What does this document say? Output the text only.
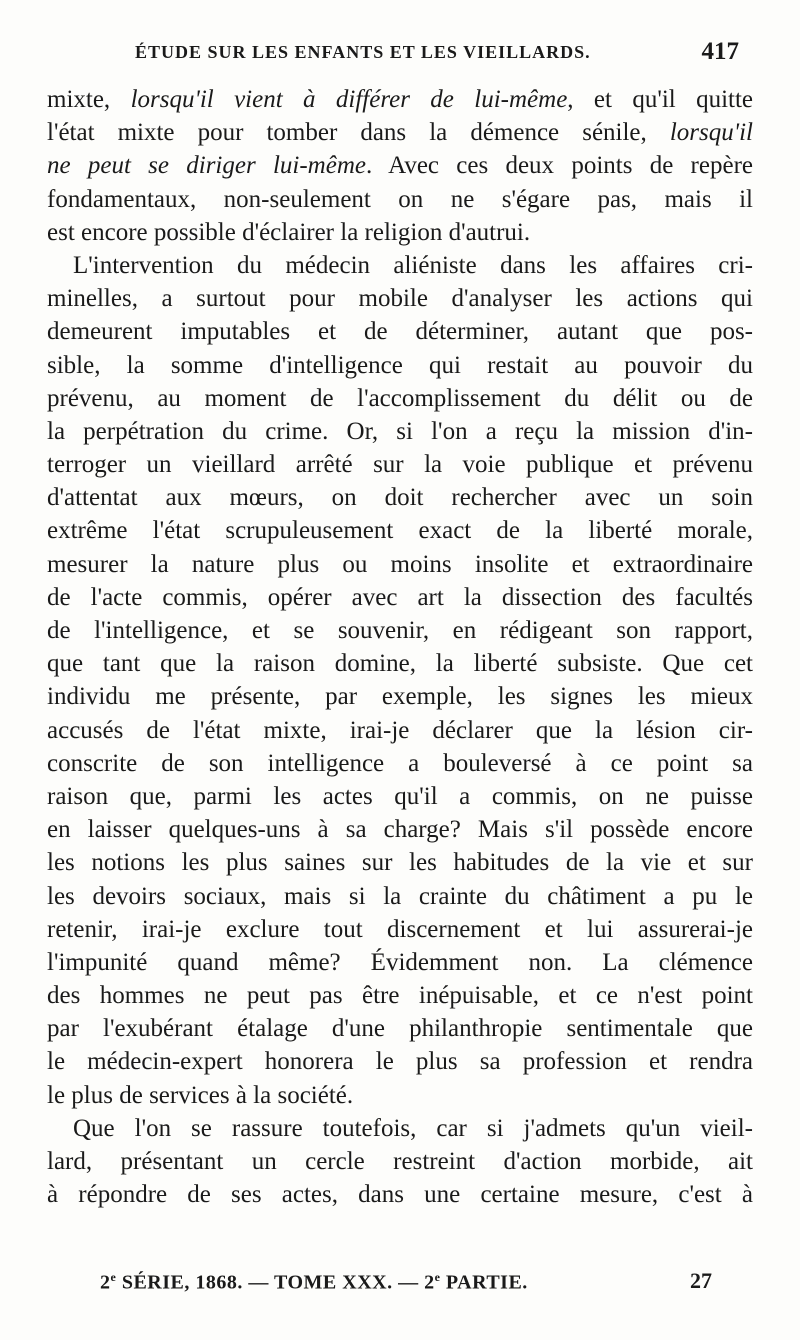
ÉTUDE SUR LES ENFANTS ET LES VIEILLARDS.	417
mixte, lorsqu'il vient à différer de lui-même, et qu'il quitte
l'état mixte pour tomber dans la démence sénile, lorsqu'il
ne peut se diriger lui-même. Avec ces deux points de repère
fondamentaux, non-seulement on ne s'égare pas, mais il
est encore possible d'éclairer la religion d'autrui.
L'intervention du médecin aliéniste dans les affaires cri-
minelles, a surtout pour mobile d'analyser les actions qui
demeurent imputables et de déterminer, autant que pos-
sible, la somme d'intelligence qui restait au pouvoir du
prévenu, au moment de l'accomplissement du délit ou de
la perpétration du crime. Or, si l'on a reçu la mission d'in-
terroger un vieillard arrêté sur la voie publique et prévenu
d'attentat aux mœurs, on doit rechercher avec un soin
extrême l'état scrupuleusement exact de la liberté morale,
mesurer la nature plus ou moins insolite et extraordinaire
de l'acte commis, opérer avec art la dissection des facultés
de l'intelligence, et se souvenir, en rédigeant son rapport,
que tant que la raison domine, la liberté subsiste. Que cet
individu me présente, par exemple, les signes les mieux
accusés de l'état mixte, irai-je déclarer que la lésion cir-
conscrite de son intelligence a bouleversé à ce point sa
raison que, parmi les actes qu'il a commis, on ne puisse
en laisser quelques-uns à sa charge? Mais s'il possède encore
les notions les plus saines sur les habitudes de la vie et sur
les devoirs sociaux, mais si la crainte du châtiment a pu le
retenir, irai-je exclure tout discernement et lui assurerai-je
l'impunité quand même? Évidemment non. La clémence
des hommes ne peut pas être inépuisable, et ce n'est point
par l'exubérant étalage d'une philanthropie sentimentale que
le médecin-expert honorera le plus sa profession et rendra
le plus de services à la société.
Que l'on se rassure toutefois, car si j'admets qu'un vieil-
lard, présentant un cercle restreint d'action morbide, ait
à répondre de ses actes, dans une certaine mesure, c'est à
2e SÉRIE, 1868. — TOME XXX. — 2e PARTIE.	27
